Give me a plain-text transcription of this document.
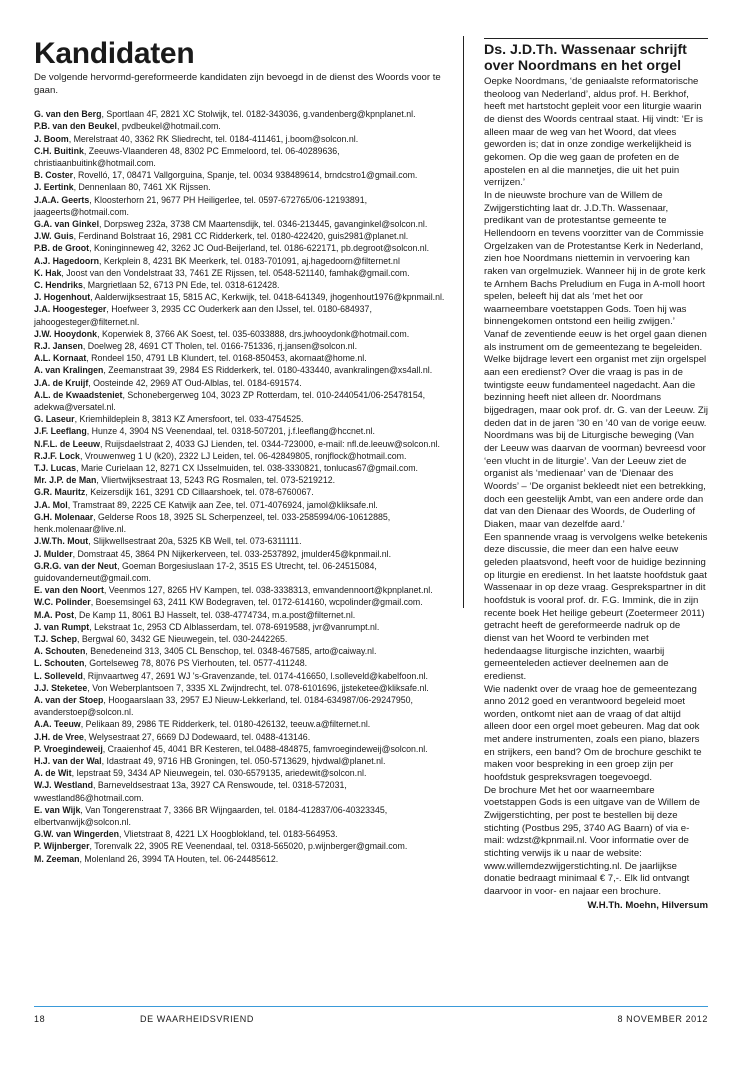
Kandidaten
De volgende hervormd-gereformeerde kandidaten zijn bevoegd in de dienst des Woords voor te gaan.

G. van den Berg, Sportlaan 4F, 2821 XC Stolwijk, tel. 0182-343036, g.vandenberg@kpnplanet.nl.

P.B. van den Beukel, pvdbeukel@hotmail.com.

J. Boom, Merelstraat 40, 3362 RK Sliedrecht, tel. 0184-411461, j.boom@solcon.nl.

C.H. Buitink, Zeeuws-Vlaanderen 48, 8302 PC Emmeloord, tel. 06-40289636, christiaanbuitink@hotmail.com.

B. Coster, Rovelló, 17, 08471 Vallgorguina, Spanje, tel. 0034 938489614, brndcstro1@gmail.com.

J. Eertink, Dennenlaan 80, 7461 XK Rijssen.

J.A.A. Geerts, Kloosterhorn 21, 9677 PH Heiligerlee, tel. 0597-672765/06-12193891, jaageerts@hotmail.com.

G.A. van Ginkel, Dorpsweg 232a, 3738 CM Maartensdijk, tel. 0346-213445, gavanginkel@solcon.nl.

J.W. Guis, Ferdinand Bolstraat 16, 2981 CC Ridderkerk, tel. 0180-422420, guis2981@planet.nl.

P.B. de Groot, Koninginneweg 42, 3262 JC Oud-Beijerland, tel. 0186-622171, pb.degroot@solcon.nl.

A.J. Hagedoorn, Kerkplein 8, 4231 BK Meerkerk, tel. 0183-701091, aj.hagedoorn@filternet.nl

K. Hak, Joost van den Vondelstraat 33, 7461 ZE Rijssen, tel. 0548-521140, famhak@gmail.com.

C. Hendriks, Margrietlaan 52, 6713 PN Ede, tel. 0318-612428.

J. Hogenhout, Aalderwijksestraat 15, 5815 AC, Kerkwijk, tel. 0418-641349, jhogenhout1976@kpnmail.nl.

J.A. Hoogesteger, Hoefweer 3, 2935 CC Ouderkerk aan den IJssel, tel. 0180-684937, jahoogesteger@filternet.nl.

J.W. Hooydonk, Koperwiek 8, 3766 AK Soest, tel. 035-6033888, drs.jwhooydonk@hotmail.com.

R.J. Jansen, Doelweg 28, 4691 CT Tholen, tel. 0166-751336, rj.jansen@solcon.nl.

A.L. Kornaat, Rondeel 150, 4791 LB Klundert, tel. 0168-850453, akornaat@home.nl.

A. van Kralingen, Zeemanstraat 39, 2984 ES Ridderkerk, tel. 0180-433440, avankralingen@xs4all.nl.

J.A. de Kruijf, Oosteinde 42, 2969 AT Oud-Alblas, tel. 0184-691574.

A.L. de Kwaadsteniet, Schonebergerweg 104, 3023 ZP Rotterdam, tel. 010-2440541/06-25478154, adekwa@versatel.nl.

G. Laseur, Kriemhildeplein 8, 3813 KZ Amersfoort, tel. 033-4754525.

J.F. Leeflang, Hunze 4, 3904 NS Veenendaal, tel. 0318-507201, j.f.leeflang@hccnet.nl.

N.F.L. de Leeuw, Ruijsdaelstraat 2, 4033 GJ Lienden, tel. 0344-723000, e-mail: nfl.de.leeuw@solcon.nl.

R.J.F. Lock, Vrouwenweg 1 U (k20), 2322 LJ Leiden, tel. 06-42849805, ronjflock@hotmail.com.

T.J. Lucas, Marie Curielaan 12, 8271 CX IJsselmuiden, tel. 038-3330821, tonlucas67@gmail.com.

Mr. J.P. de Man, Vliertwijksestraat 13, 5243 RG Rosmalen, tel. 073-5219212.

G.R. Mauritz, Keizersdijk 161, 3291 CD Cillaarshoek, tel. 078-6760067.

J.A. Mol, Tramstraat 89, 2225 CE Katwijk aan Zee, tel. 071-4076924, jamol@kliksafe.nl.

G.H. Molenaar, Gelderse Roos 18, 3925 SL Scherpenzeel, tel. 033-2585994/06-10612885, henk.molenaar@live.nl.

J.W.Th. Mout, Slijkwellsestraat 20a, 5325 KB Well, tel. 073-6311111.

J. Mulder, Domstraat 45, 3864 PN Nijkerkerveen, tel. 033-2537892, jmulder45@kpnmail.nl.

G.R.G. van der Neut, Goeman Borgesiuslaan 17-2, 3515 ES Utrecht, tel. 06-24515084, guidovanderneut@gmail.com.

E. van den Noort, Veenmos 127, 8265 HV Kampen, tel. 038-3338313, emvandennoort@kpnplanet.nl.

W.C. Polinder, Boesemsingel 63, 2411 KW Bodegraven, tel. 0172-614160, wcpolinder@gmail.com.

M.A. Post, De Kamp 11, 8061 BJ Hasselt, tel. 038-4774734, m.a.post@filternet.nl.

J. van Rumpt, Lekstraat 1c, 2953 CD Alblasserdam, tel. 078-6919588, jvr@vanrumpt.nl.

T.J. Schep, Bergwal 60, 3432 GE Nieuwegein, tel. 030-2442265.

A. Schouten, Benedeneind 313, 3405 CL Benschop, tel. 0348-467585, arto@caiway.nl.

L. Schouten, Gortelseweg 78, 8076 PS Vierhouten, tel. 0577-411248.

L. Solleveld, Rijnvaartweg 47, 2691 WJ 's-Gravenzande, tel. 0174-416650, l.solleveld@kabelfoon.nl.

J.J. Steketee, Von Weberplantsoen 7, 3335 XL Zwijndrecht, tel. 078-6101696, jjsteketee@kliksafe.nl.

A. van der Stoep, Hoogaarslaan 33, 2957 EJ Nieuw-Lekkerland, tel. 0184-634987/06-29247950, avanderstoep@solcon.nl.

A.A. Teeuw, Pelikaan 89, 2986 TE Ridderkerk, tel. 0180-426132, teeuw.a@filternet.nl.

J.H. de Vree, Welysestraat 27, 6669 DJ Dodewaard, tel. 0488-413146.

P. Vroegindeweij, Craaienhof 45, 4041 BR Kesteren, tel.0488-484875, famvroegindeweij@solcon.nl.

H.J. van der Wal, Idastraat 49, 9716 HB Groningen, tel. 050-5713629, hjvdwal@planet.nl.

A. de Wit, Iepstraat 59, 3434 AP Nieuwegein, tel. 030-6579135, ariedewit@solcon.nl.

W.J. Westland, Barneveldsestraat 13a, 3927 CA Renswoude, tel. 0318-572031, wwestland86@hotmail.com.

E. van Wijk, Van Tongerenstraat 7, 3366 BR Wijngaarden, tel. 0184-412837/06-40323345, elbertvanwijk@solcon.nl.

G.W. van Wingerden, Vlietstraat 8, 4221 LX Hoogblokland, tel. 0183-564953.

P. Wijnberger, Torenvalk 22, 3905 RE Veenendaal, tel. 0318-565020, p.wijnberger@gmail.com.

M. Zeeman, Molenland 26, 3994 TA Houten, tel. 06-24485612.

Ds. J.D.Th. Wassenaar schrijft over Noordmans en het orgel

Oepke Noordmans, ‘de geniaalste reformatorische theoloog van Nederland’, aldus prof. H. Berkhof, heeft met hartstocht gepleit voor een liturgie waarin de dienst des Woords centraal staat. Hij vindt: ‘Er is alleen maar de weg van het Woord, dat vlees geworden is; dat in onze zondige werkelijkheid is gekomen. Op die weg gaan de profeten en de apostelen en al die mannetjes, die uit het puin verrijzen.’

In de nieuwste brochure van de Willem de Zwijgerstichting laat dr. J.D.Th. Wassenaar, predikant van de protestantse gemeente te Hellendoorn en tevens voorzitter van de Commissie Orgelzaken van de Protestantse Kerk in Nederland, zien hoe Noordmans niettemin in vervoering kan raken van orgelmuziek. Wanneer hij in de grote kerk te Arnhem Bachs Preludium en Fuga in A-moll hoort spelen, beleeft hij dat als ‘met het oor waarneembare voetstappen Gods. Toen hij was binnengekomen ontstond een heilig zwijgen.’

Vanaf de zeventiende eeuw is het orgel gaan dienen als instrument om de gemeentezang te begeleiden. Welke bijdrage levert een organist met zijn orgelspel aan een eredienst? Over die vraag is pas in de twintigste eeuw fundamenteel nagedacht. Aan die bezinning heeft niet alleen dr. Noordmans bijgedragen, maar ook prof. dr. G. van der Leeuw. Zij deden dat in de jaren ’30 en ’40 van de vorige eeuw. Noordmans was bij de Liturgische beweging (Van der Leeuw was daarvan de voorman) bevreesd voor ‘een vlucht in de liturgie’. Van der Leeuw ziet de organist als ‘medienaar’ van de ‘Dienaar des Woords’ – ‘De organist bekleedt niet een betrekking, doch een geestelijk Ambt, van een andere orde dan dat van den Dienaar des Woords, de Ouderling of Diaken, maar van dezelfde aard.’

Een spannende vraag is vervolgens welke betekenis deze discussie, die meer dan een halve eeuw geleden plaatsvond, heeft voor de huidige bezinning op liturgie en eredienst. In het laatste hoofdstuk gaat Wassenaar in op deze vraag. Gesprekspartner in dit hoofdstuk is vooral prof. dr. F.G. Immink, die in zijn recente boek Het heilige gebeurt (Zoetermeer 2011) getracht heeft de gereformeerde nadruk op de dienst van het Woord te verbinden met hedendaagse liturgische inzichten, waarbij gemeenteleden actiever deelnemen aan de eredienst.

Wie nadenkt over de vraag hoe de gemeentezang anno 2012 goed en verantwoord begeleid moet worden, ontkomt niet aan de vraag of dat altijd alleen door een orgel moet gebeuren. Mag dat ook met andere instrumenten, zoals een piano, blazers en strijkers, een band? Om de brochure geschikt te maken voor bespreking in een groep zijn per hoofdstuk gespreksvragen toegevoegd.

De brochure Met het oor waarneembare voetstappen Gods is een uitgave van de Willem de Zwijgerstichting, per post te bestellen bij deze stichting (Postbus 295, 3740 AG Baarn) of via e-mail: wdzst@kpnmail.nl. Voor informatie over de stichting verwijs ik u naar de website: www.willemdezwijgerstichting.nl. De jaarlijkse donatie bedraagt minimaal € 7,-. Elk lid ontvangt daarvoor in voor- en najaar een brochure.

W.H.Th. Moehn, Hilversum
18	DE WAARHEIDSVRIEND	8 NOVEMBER 2012
